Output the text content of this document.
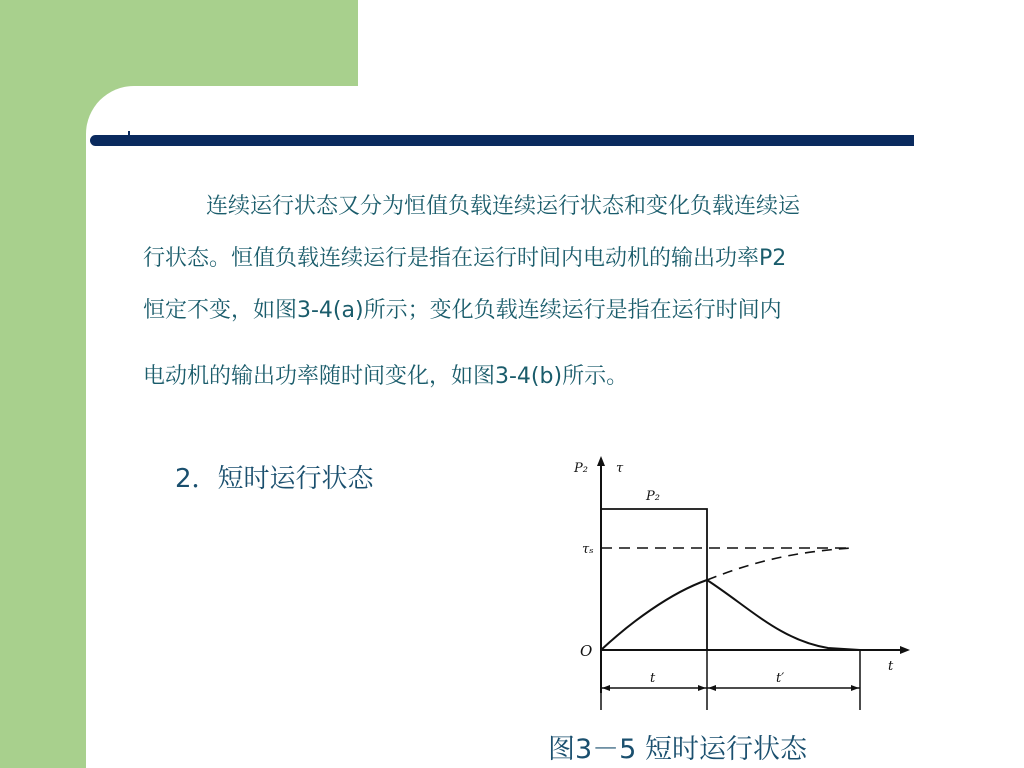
连续运行状态又分为恒值负载连续运行状态和变化负载连续运
行状态。恒值负载连续运行是指在运行时间内电动机的输出功率P2
恒定不变，如图3-4(a)所示；变化负载连续运行是指在运行时间内
电动机的输出功率随时间变化，如图3-4(b)所示。
2．短时运行状态	P₂ τ
P₂
τₛ
O
t
t	t′
图3－5 短时运行状态
